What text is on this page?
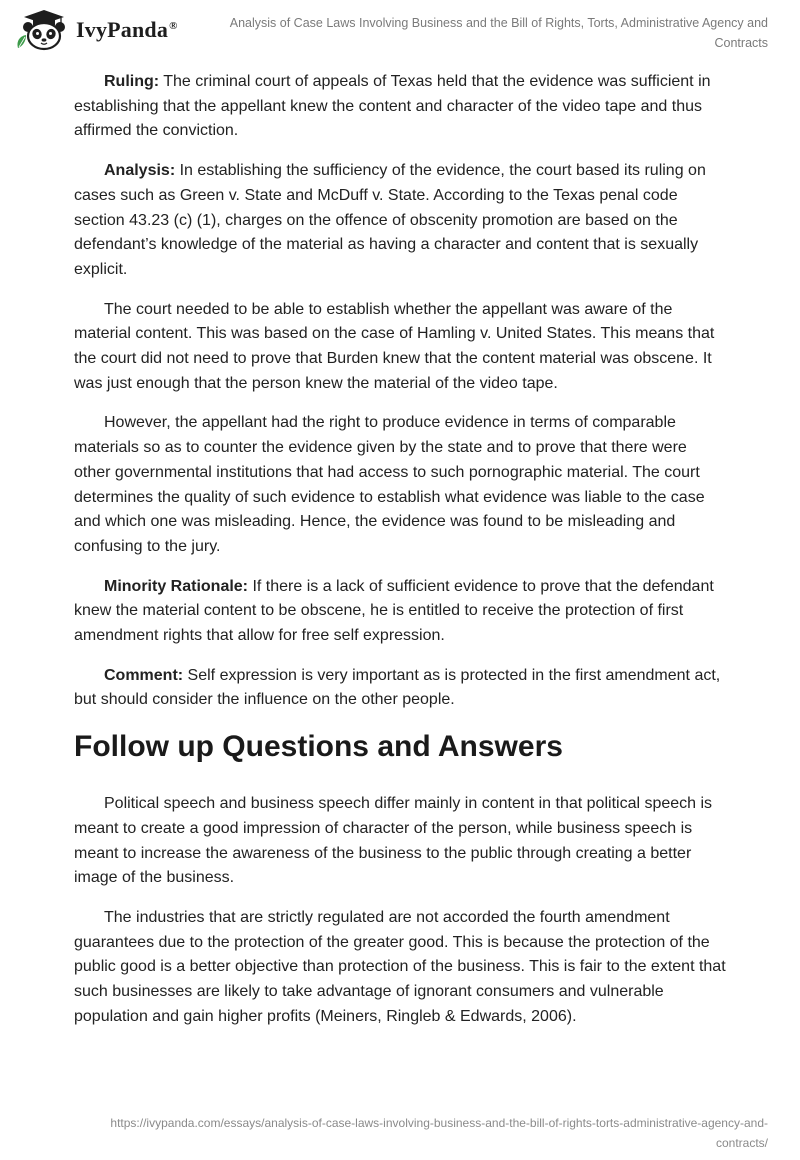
IvyPanda®	Analysis of Case Laws Involving Business and the Bill of Rights, Torts, Administrative Agency and Contracts

Ruling: The criminal court of appeals of Texas held that the evidence was sufficient in establishing that the appellant knew the content and character of the video tape and thus affirmed the conviction.

Analysis: In establishing the sufficiency of the evidence, the court based its ruling on cases such as Green v. State and McDuff v. State. According to the Texas penal code section 43.23 (c) (1), charges on the offence of obscenity promotion are based on the defendant’s knowledge of the material as having a character and content that is sexually explicit.

The court needed to be able to establish whether the appellant was aware of the material content. This was based on the case of Hamling v. United States. This means that the court did not need to prove that Burden knew that the content material was obscene. It was just enough that the person knew the material of the video tape.

However, the appellant had the right to produce evidence in terms of comparable materials so as to counter the evidence given by the state and to prove that there were other governmental institutions that had access to such pornographic material. The court determines the quality of such evidence to establish what evidence was liable to the case and which one was misleading. Hence, the evidence was found to be misleading and confusing to the jury.

Minority Rationale: If there is a lack of sufficient evidence to prove that the defendant knew the material content to be obscene, he is entitled to receive the protection of first amendment rights that allow for free self expression.

Comment: Self expression is very important as is protected in the first amendment act, but should consider the influence on the other people.

Follow up Questions and Answers

Political speech and business speech differ mainly in content in that political speech is meant to create a good impression of character of the person, while business speech is meant to increase the awareness of the business to the public through creating a better image of the business.

The industries that are strictly regulated are not accorded the fourth amendment guarantees due to the protection of the greater good. This is because the protection of the public good is a better objective than protection of the business. This is fair to the extent that such businesses are likely to take advantage of ignorant consumers and vulnerable population and gain higher profits (Meiners, Ringleb & Edwards, 2006).

https://ivypanda.com/essays/analysis-of-case-laws-involving-business-and-the-bill-of-rights-torts-administrative-agency-and-contracts/
